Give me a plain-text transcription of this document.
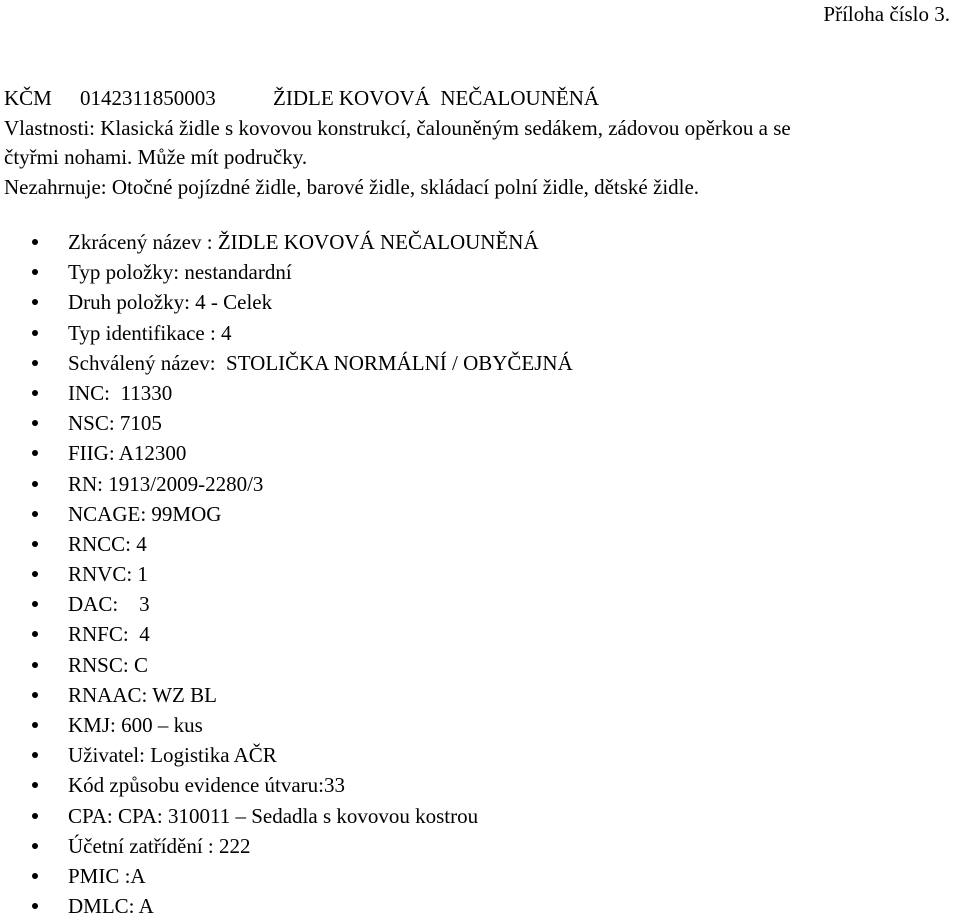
Příloha číslo 3.
KČM 0142311850003	ŽIDLE KOVOVÁ  NEČALOUNĚNÁ
Vlastnosti: Klasická židle s kovovou konstrukcí, čalouněným sedákem, zádovou opěrkou a se
čtyřmi nohami. Může mít područky.
Nezahrnuje: Otočné pojízdné židle, barové židle, skládací polní židle, dětské židle.
Zkrácený název : ŽIDLE KOVOVÁ NEČALOUNĚNÁ
Typ položky: nestandardní
Druh položky: 4 - Celek
Typ identifikace : 4
Schválený název:  STOLIČKA NORMÁLNÍ / OBYČEJNÁ
INC:  11330
NSC: 7105
FIIG: A12300
RN: 1913/2009-2280/3
NCAGE: 99MOG
RNCC: 4
RNVC: 1
DAC:    3
RNFC:  4
RNSC: C
RNAAC: WZ BL
KMJ: 600 – kus
Uživatel: Logistika AČR
Kód způsobu evidence útvaru:33
CPA: CPA: 310011 – Sedadla s kovovou kostrou
Účetní zatřídění : 222
PMIC :A
DMLC: A
